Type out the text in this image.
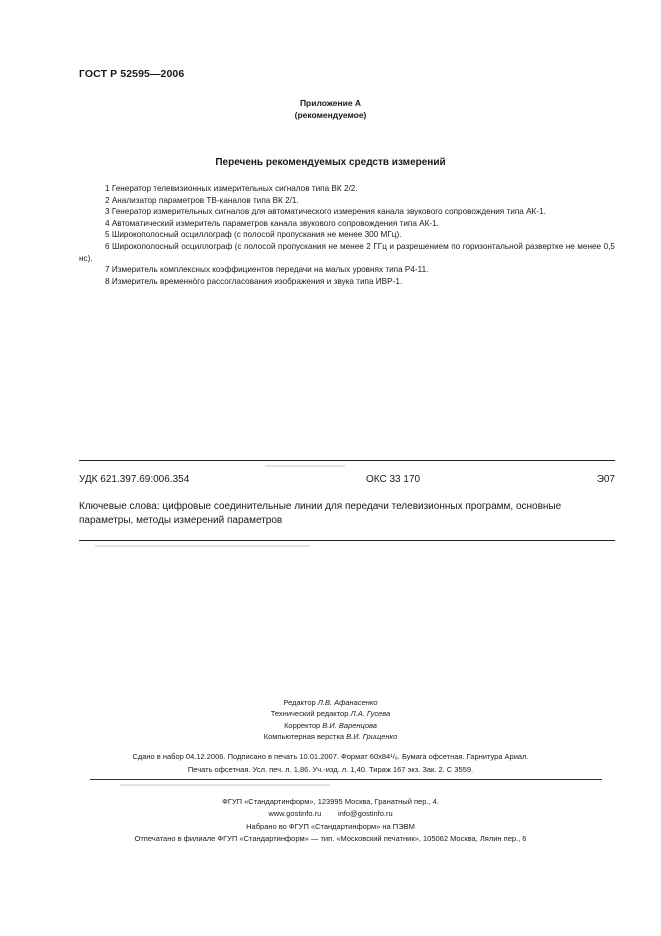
ГОСТ Р 52595—2006
Приложение А
(рекомендуемое)
Перечень рекомендуемых средств измерений

1 Генератор телевизионных измерительных сигналов типа ВК 2/2.

2 Анализатор параметров ТВ-каналов типа ВК 2/1.

3 Генератор измерительных сигналов для автоматического измерения канала звукового сопровождения типа АК-1.

4 Автоматический измеритель параметров канала звукового сопровождения типа АК-1.

5 Широкополосный осциллограф (с полосой пропускания не менее 300 МГц).

6 Широкополосный осциллограф (с полосой пропускания не менее 2 ГГц и разрешением по горизонтальной развертке не менее 0,5 нс).

7 Измеритель комплексных коэффициентов передачи на малых уровнях типа Р4-11.

8 Измеритель временно̀го рассогласования изображения и звука типа ИВР-1.

УДК 621.397.69:006.354	ОКС 33 170	Э07
Ключевые слова: цифровые соединительные линии для передачи телевизионных программ, основные
параметры, методы измерений параметров
Редактор Л.В. Афанасенко
Технический редактор Л.А. Гусева
Корректор В.И. Варенцова
Компьютерная верстка В.И. Грищенко
Сдано в набор 04.12.2006. Подписано в печать 10.01.2007. Формат 60х84¹/₈. Бумага офсетная. Гарнитура Ариал.
Печать офсетная. Усл. печ. л. 1,86. Уч.-изд. л. 1,40. Тираж 167 экз. Зак. 2. С 3559.
ФГУП «Стандартинформ», 123995 Москва, Гранатный пер., 4.
www.gostinfo.ru info@gostinfo.ru
Набрано во ФГУП «Стандартинформ» на ПЭВМ
Отпечатано в филиале ФГУП «Стандартинформ» — тип. «Московский печатник», 105062 Москва, Лялин пер., 6
